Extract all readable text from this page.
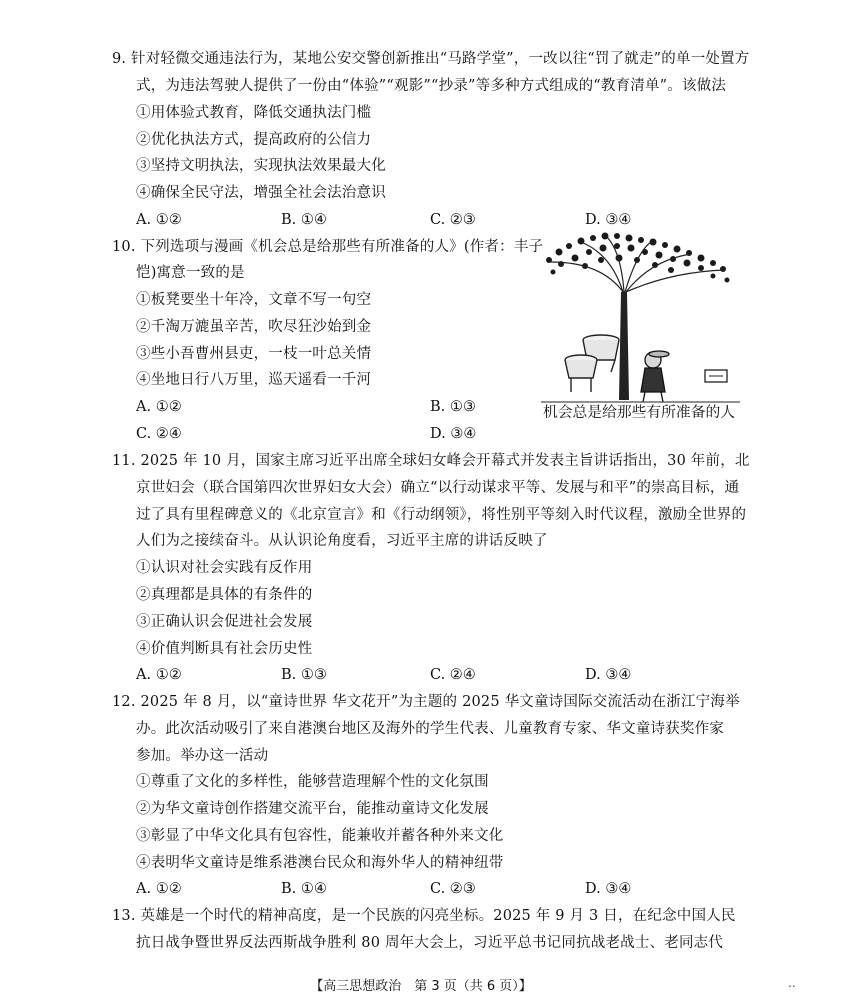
9. 针对轻微交通违法行为，某地公安交警创新推出“马路学堂”，一改以往“罚了就走”的单一处置方
式，为违法驾驶人提供了一份由“体验”“观影”“抄录”等多种方式组成的“教育清单”。该做法
①用体验式教育，降低交通执法门槛
②优化执法方式，提高政府的公信力
③坚持文明执法，实现执法效果最大化
④确保全民守法，增强全社会法治意识
A. ①②	B. ①④	C. ②③	D. ③④
10. 下列选项与漫画《机会总是给那些有所准备的人》(作者：丰子
恺)寓意一致的是
①板凳要坐十年冷，文章不写一句空
②千淘万漉虽辛苦，吹尽狂沙始到金
③些小吾曹州县吏，一枝一叶总关情
④坐地日行八万里，巡天遥看一千河
A. ①②	B. ①③
C. ②④	D. ③④
机会总是给那些有所准备的人
11. 2025 年 10 月，国家主席习近平出席全球妇女峰会开幕式并发表主旨讲话指出，30 年前，北
京世妇会（联合国第四次世界妇女大会）确立“以行动谋求平等、发展与和平”的崇高目标，通
过了具有里程碑意义的《北京宣言》和《行动纲领》，将性别平等刻入时代议程，激励全世界的
人们为之接续奋斗。从认识论角度看，习近平主席的讲话反映了
①认识对社会实践有反作用
②真理都是具体的有条件的
③正确认识会促进社会发展
④价值判断具有社会历史性
A. ①②	B. ①③	C. ②④	D. ③④
12. 2025 年 8 月，以“童诗世界 华文花开”为主题的 2025 华文童诗国际交流活动在浙江宁海举
办。此次活动吸引了来自港澳台地区及海外的学生代表、儿童教育专家、华文童诗获奖作家
参加。举办这一活动
①尊重了文化的多样性，能够营造理解个性的文化氛围
②为华文童诗创作搭建交流平台，能推动童诗文化发展
③彰显了中华文化具有包容性，能兼收并蓄各种外来文化
④表明华文童诗是维系港澳台民众和海外华人的精神纽带
A. ①②	B. ①④	C. ②③	D. ③④
13. 英雄是一个时代的精神高度，是一个民族的闪亮坐标。2025 年 9 月 3 日，在纪念中国人民
抗日战争暨世界反法西斯战争胜利 80 周年大会上，习近平总书记同抗战老战士、老同志代
【高三思想政治　第 3 页（共 6 页）】	..
